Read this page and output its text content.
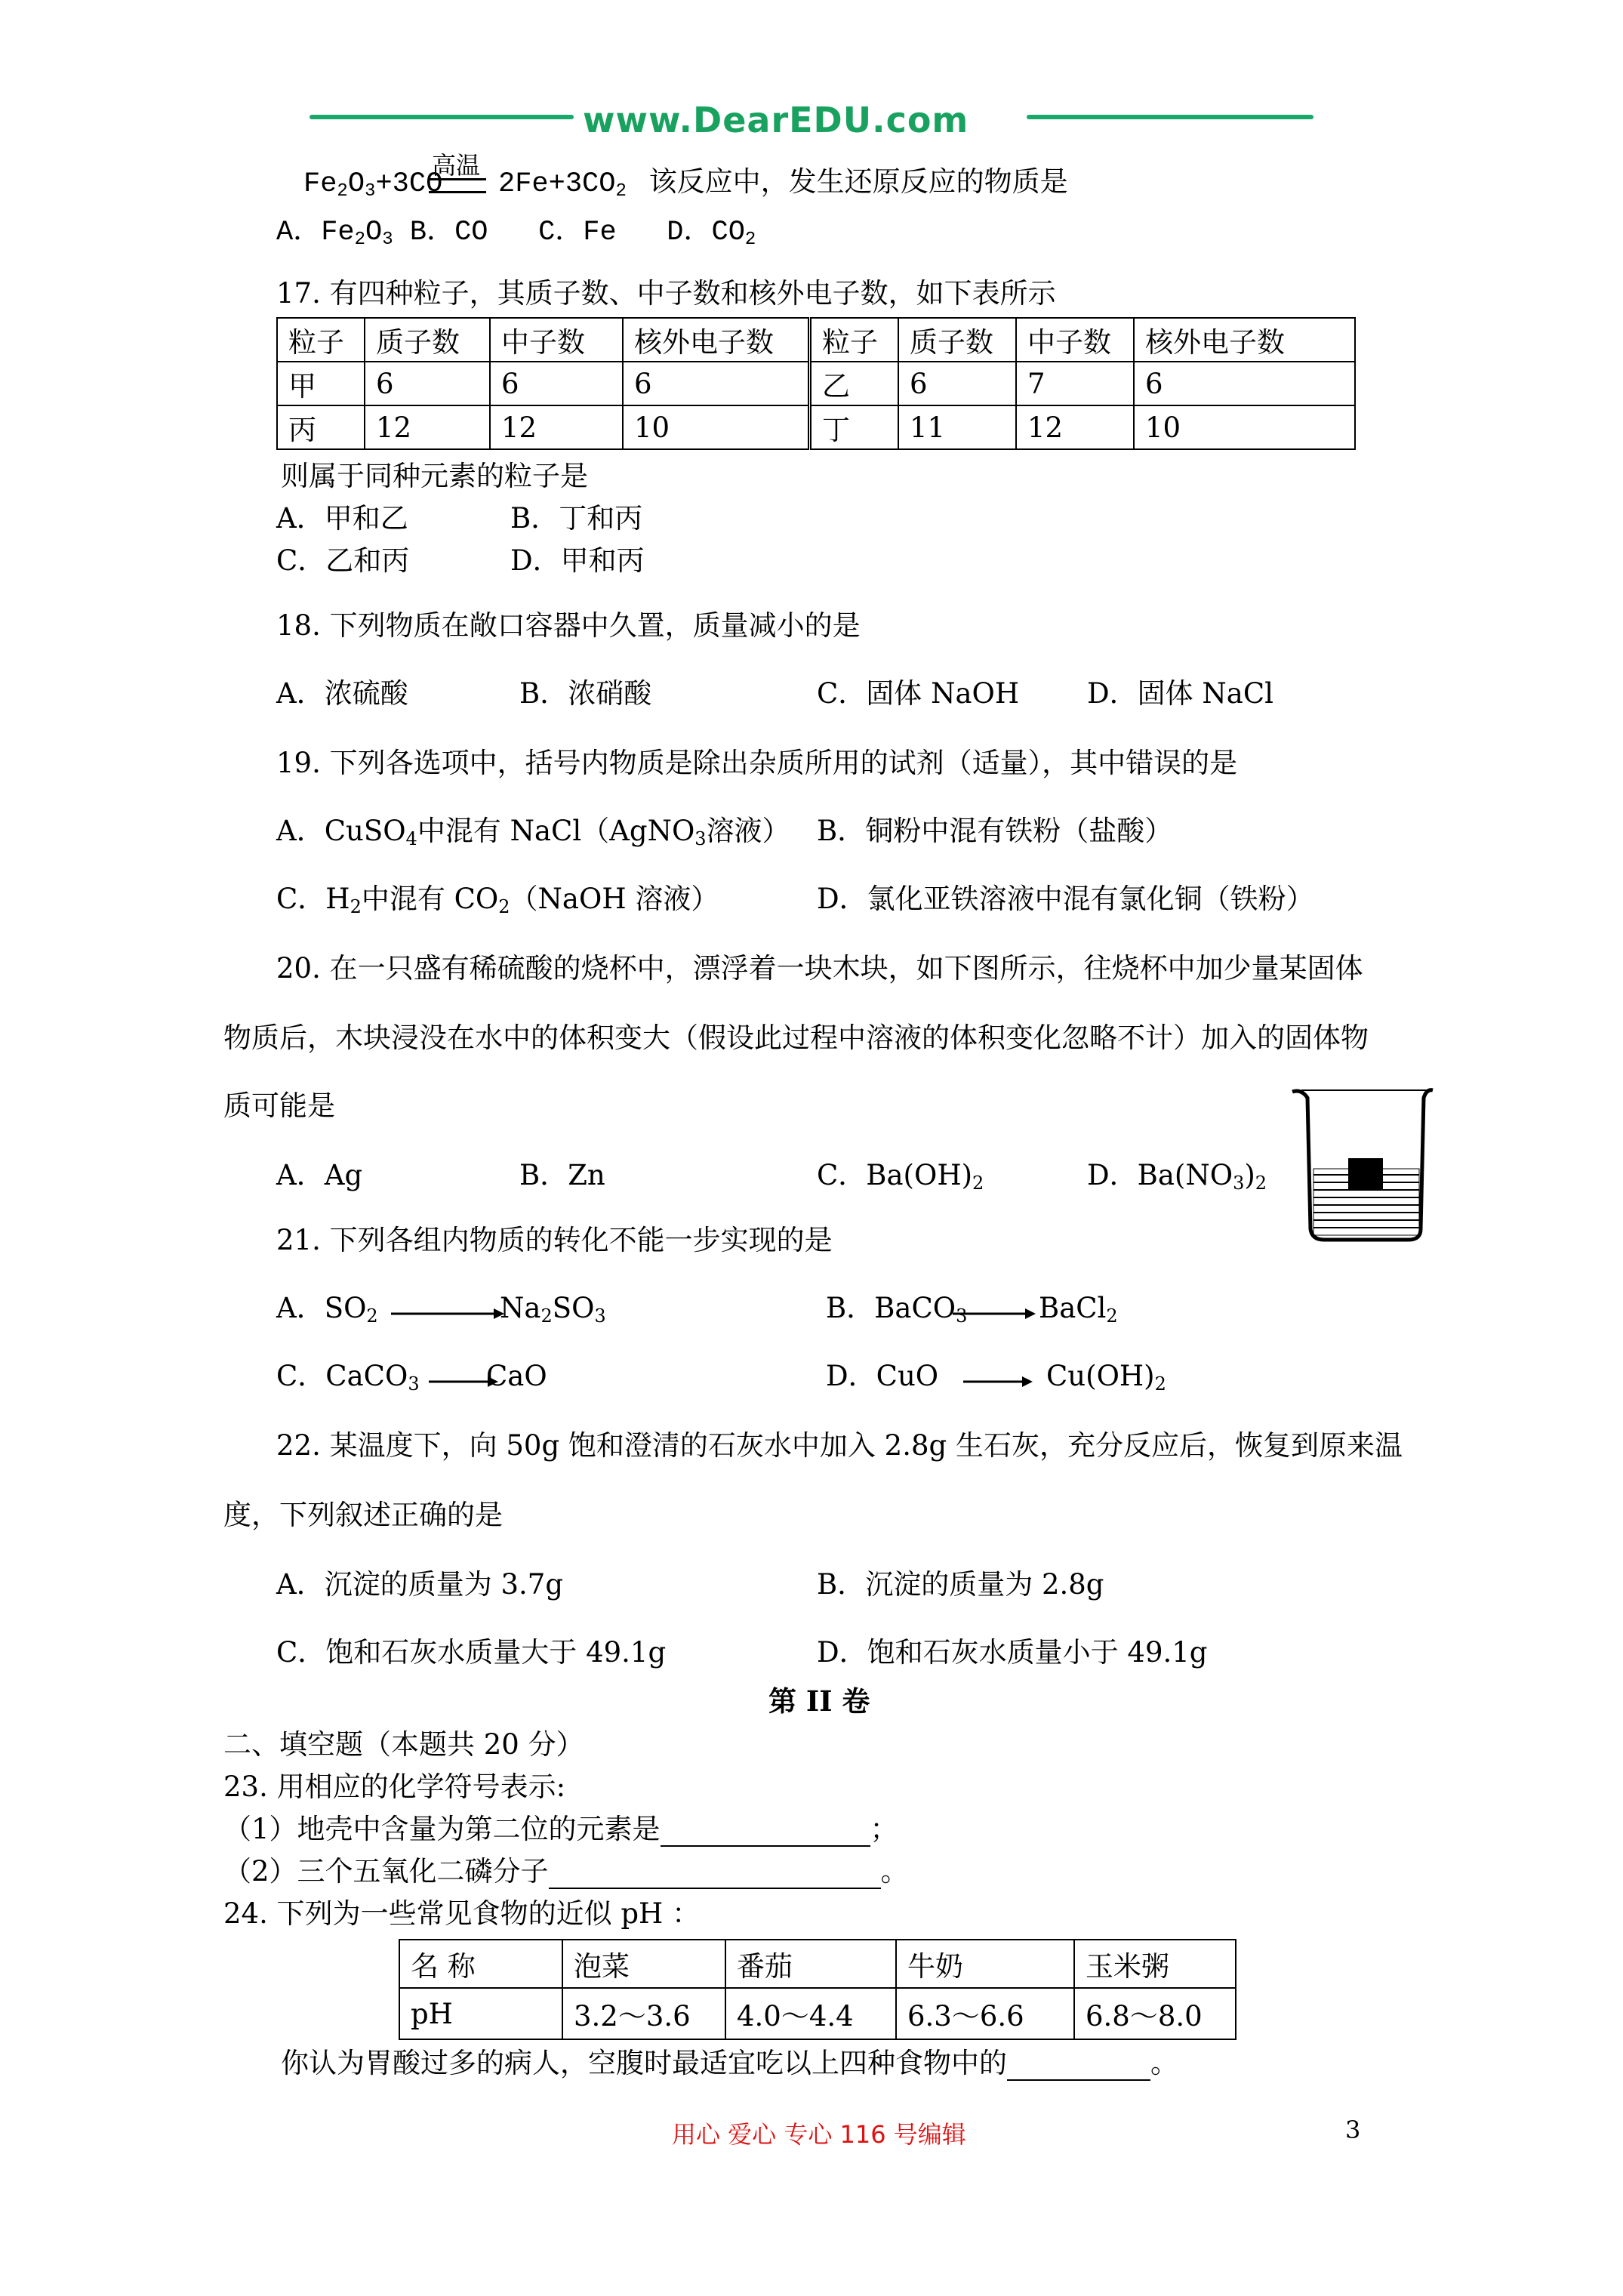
www.DearEDU.com
$Fe_2O_3+3CO$
高温
$2Fe+3CO_2$ 该反应中，发生还原反应的物质是
A．$Fe_2O_3$ B．CO   C．Fe   D．$CO_2$
17. 有四种粒子，其质子数、中子数和核外电子数，如下表所示
粒子	质子数	中子数	核外电子数	粒子	质子数	中子数	核外电子数
甲	6	6	6	乙	6	7	6
丙	12	12	10	丁	11	12	10
则属于同种元素的粒子是
A．甲和乙	B．丁和丙
C．乙和丙	D．甲和丙
18. 下列物质在敞口容器中久置，质量减小的是
A．浓硫酸	B．浓硝酸	C．固体 NaOH D．固体 NaCl
19. 下列各选项中，括号内物质是除出杂质所用的试剂（适量），其中错误的是
A．CuSO$_4$中混有 NaCl（AgNO$_3$溶液） B．铜粉中混有铁粉（盐酸）
C．$H_2$中混有 $CO_2(NaOH$ 溶液）	D．氯化亚铁溶液中混有氯化铜（铁粉）
20. 在一只盛有稀硫酸的烧杯中，漂浮着一块木块，如下图所示，往烧杯中加少量某固体
物质后，木块浸没在水中的体积变大（假设此过程中溶液的体积变化忽略不计）加入的固体物
质可能是
A．Ag	B．Zn	C．$Ba(OH)_2$	D．$Ba(NO_3)_2$
21. 下列各组内物质的转化不能一步实现的是
A．$SO_2$	$Na_2SO_3$	B．BaCO$_3$	BaCl$_2$
C．CaCO$_3$ CaO	D．CuO	$Cu(OH)_2$
22. 某温度下，向 50g 饱和澄清的石灰水中加入 2.8g 生石灰，充分反应后，恢复到原来温
度，下列叙述正确的是
A．沉淀的质量为 3.7g	B．沉淀的质量为 2.8g
C．饱和石灰水质量大于 49.1g	D．饱和石灰水质量小于 49.1g
第 II 卷
二、填空题（本题共 20 分）
23. 用相应的化学符号表示:
（1）地壳中含量为第二位的元素是	；
（2）三个五氧化二磷分子	。
24. 下列为一些常见食物的近似 pH ：
名 称	泡菜	番茄	牛奶	玉米粥
pH	3.2～3.6	4.0～4.4	6.3～6.6	6.8～8.0
你认为胃酸过多的病人，空腹时最适宜吃以上四种食物中的	。
用心 爱心 专心 116 号编辑	3
